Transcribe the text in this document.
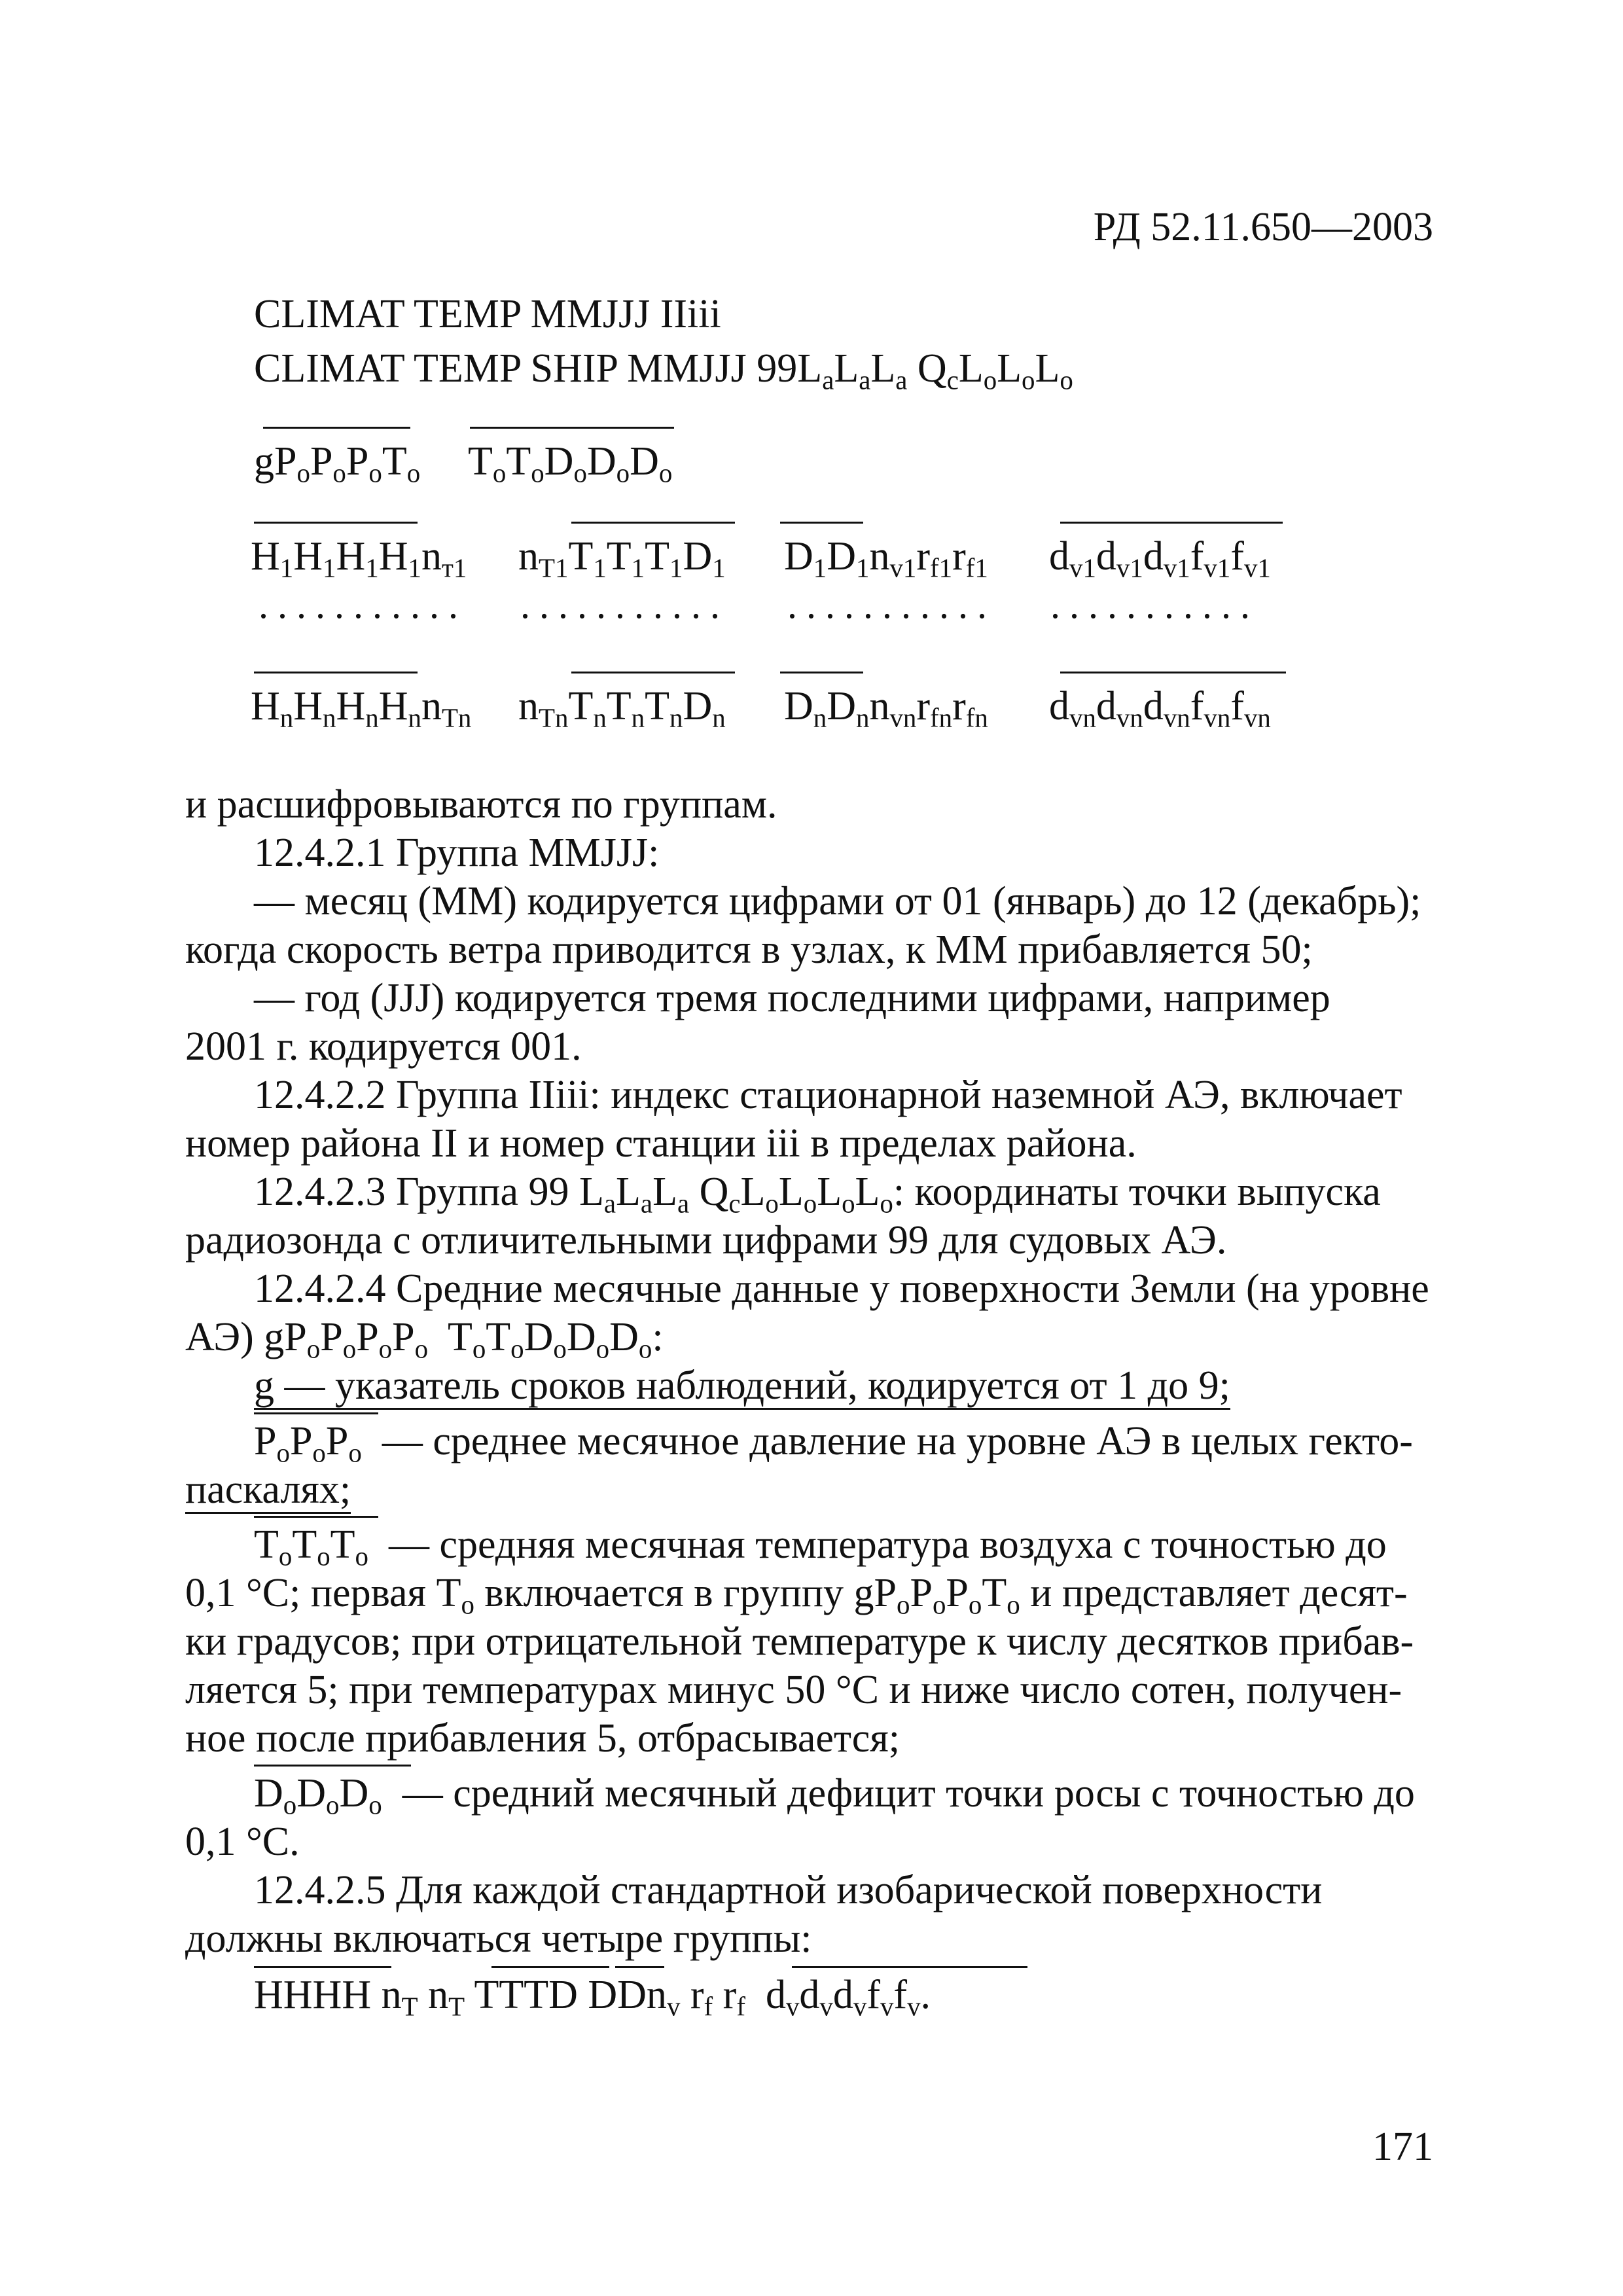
РД 52.11.650—2003
CLIMAT TEMP MMJJJ IIiii
CLIMAT TEMP SHIP MMJJJ $99L_aL_aL_a$ $Q_cL_oL_oL_o$
$gP_oP_oP_oT_o$ $T_oT_oD_oD_oD_o$
$H_1H_1H_1H_1n_{т1}$ $n_{T1}T_1T_1T_1D_1$ $D_1D_1n_{v1}r_{f1}r_{f1}$ $d_{v1}d_{v1}d_{v1}f_{v1}f_{v1}$
........... ........... ........... ...........
$H_nH_nH_nH_nn_{Tn}$ $n_{Tn}T_nT_nT_nD_n$ $D_nD_nn_{vn}r_{fn}r_{fn}$ $d_{vn}d_{vn}d_{vn}f_{vn}f_{vn}$
и расшифровываются по группам.
12.4.2.1 Группа MMJJJ:
— месяц (ММ) кодируется цифрами от 01 (январь) до 12 (декабрь);
когда скорость ветра приводится в узлах, к ММ прибавляется 50;
— год (JJJ) кодируется тремя последними цифрами, например
2001 г. кодируется 001.
12.4.2.2 Группа IIiii: индекс стационарной наземной АЭ, включает
номер района II и номер станции iii в пределах района.
12.4.2.3 Группа 99 $L_aL_aL_a$ $Q_cL_oL_oL_oL_o$: координаты точки выпуска
радиозонда с отличительными цифрами 99 для судовых АЭ.
12.4.2.4 Средние месячные данные у поверхности Земли (на уровне
АЭ) $gP_oP_oP_oP_o$  $T_oT_oD_oD_oD_o$:
g — указатель сроков наблюдений, кодируется от 1 до 9;
$P_oP_oP_o$ — среднее месячное давление на уровне АЭ в целых гекто-
паскалях;
$T_oT_oT_o$ — средняя месячная температура воздуха с точностью до
0,1 °С; первая $T_o$ включается в группу $gP_oP_oP_oT_o$ и представляет десят-
ки градусов; при отрицательной температуре к числу десятков прибав-
ляется 5; при температурах минус 50 °С и ниже число сотен, получен-
ное после прибавления 5, отбрасывается;
$D_oD_oD_o$ — средний месячный дефицит точки росы с точностью до
0,1 °С.
12.4.2.5 Для каждой стандартной изобарической поверхности
должны включаться четыре группы:
HHHH $n_T$ $n_T$ TTTD DDn$_v$ $r_f$ $r_f$  $d_vd_vd_vf_vf_v$.
171
